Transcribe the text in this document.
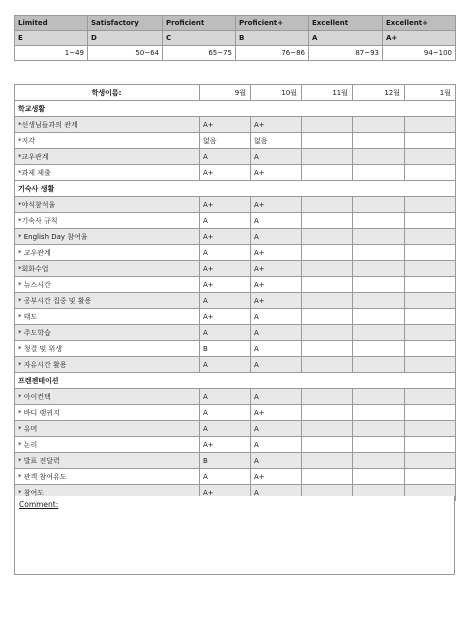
Limited	Satisfactory	Proficient	Proficient+	Excellent	Excellent+
E	D	C	B	A	A+
1~49	50~64	65~75	76~86	87~93	94~100
학생이름:	9월	10월	11월	12월	1월
학교생활					
*선생님들과의 관계	A+	A+			
*지각	없음	없음			
*교우관계	A	A			
*과제 제출	A+	A+			
기숙사 생활					
*야식참석율	A+	A+			
*기숙사 규칙	A	A			
* English Day 참여율	A+	A			
* 교우관계	A	A+			
*회화수업	A+	A+			
* 뉴스시간	A+	A+			
* 공부시간 집중 및 활용	A	A+			
* 태도	A+	A			
* 주도학습	A	A			
* 청결 및 위생	B	A			
* 자유시간 활용	A	A			
프렌젠테이션					
* 아이컨택	A	A			
* 바디 랭귀지	A	A+			
* 유머	A	A			
* 논리	A+	A			
* 발표 전달력	B	A			
* 관객 참여유도	A	A+			
* 참여도	A+	A			
Comment:
